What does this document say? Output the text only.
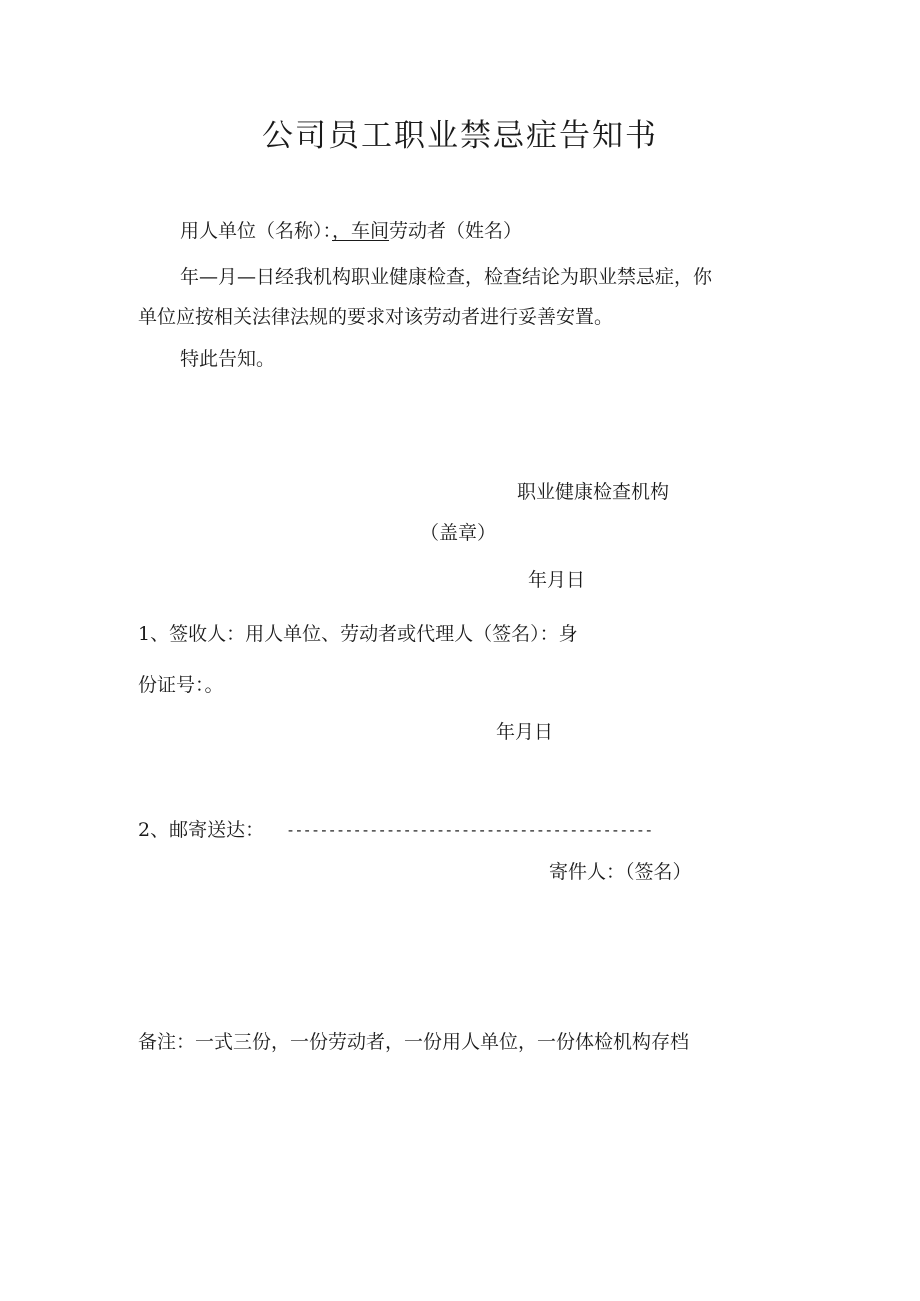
公司员工职业禁忌症告知书
用人单位（名称）：，车间劳动者（姓名）
年—月—日经我机构职业健康检查，检查结论为职业禁忌症，你
单位应按相关法律法规的要求对该劳动者进行妥善安置。
特此告知。
职业健康检查机构
（盖章）
年月日
1、签收人：用人单位、劳动者或代理人（签名）：身
份证号：。
年月日
2、邮寄送达： --------------------------------------------
寄件人：（签名）
备注：一式三份，一份劳动者，一份用人单位，一份体检机构存档
